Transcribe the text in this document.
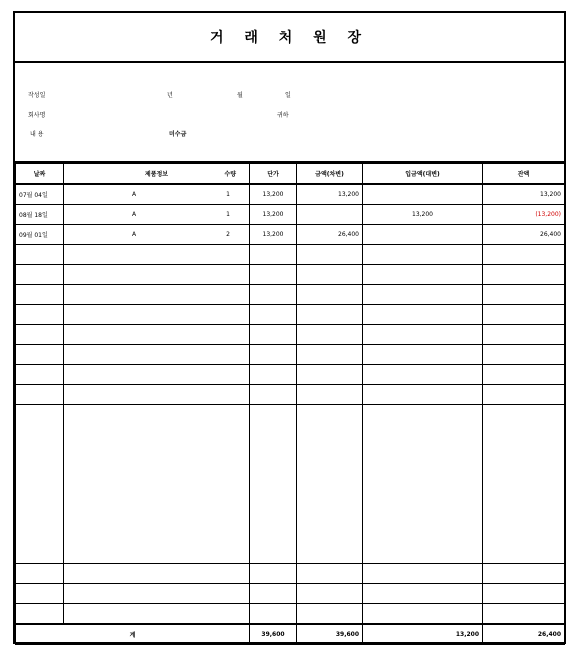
거 래 처 원 장
작성일	년	월	일
회사명	귀하
내 용	미수금
날짜	제품정보 수량	단가	금액(차변)	입금액(대변)	잔액
07월 04일	A 1	13,200	13,200		13,200
08월 18일	A 1	13,200		13,200	(13,200)
09월 01일	A 2	13,200	26,400		26,400

계		39,600	39,600	13,200	26,400
